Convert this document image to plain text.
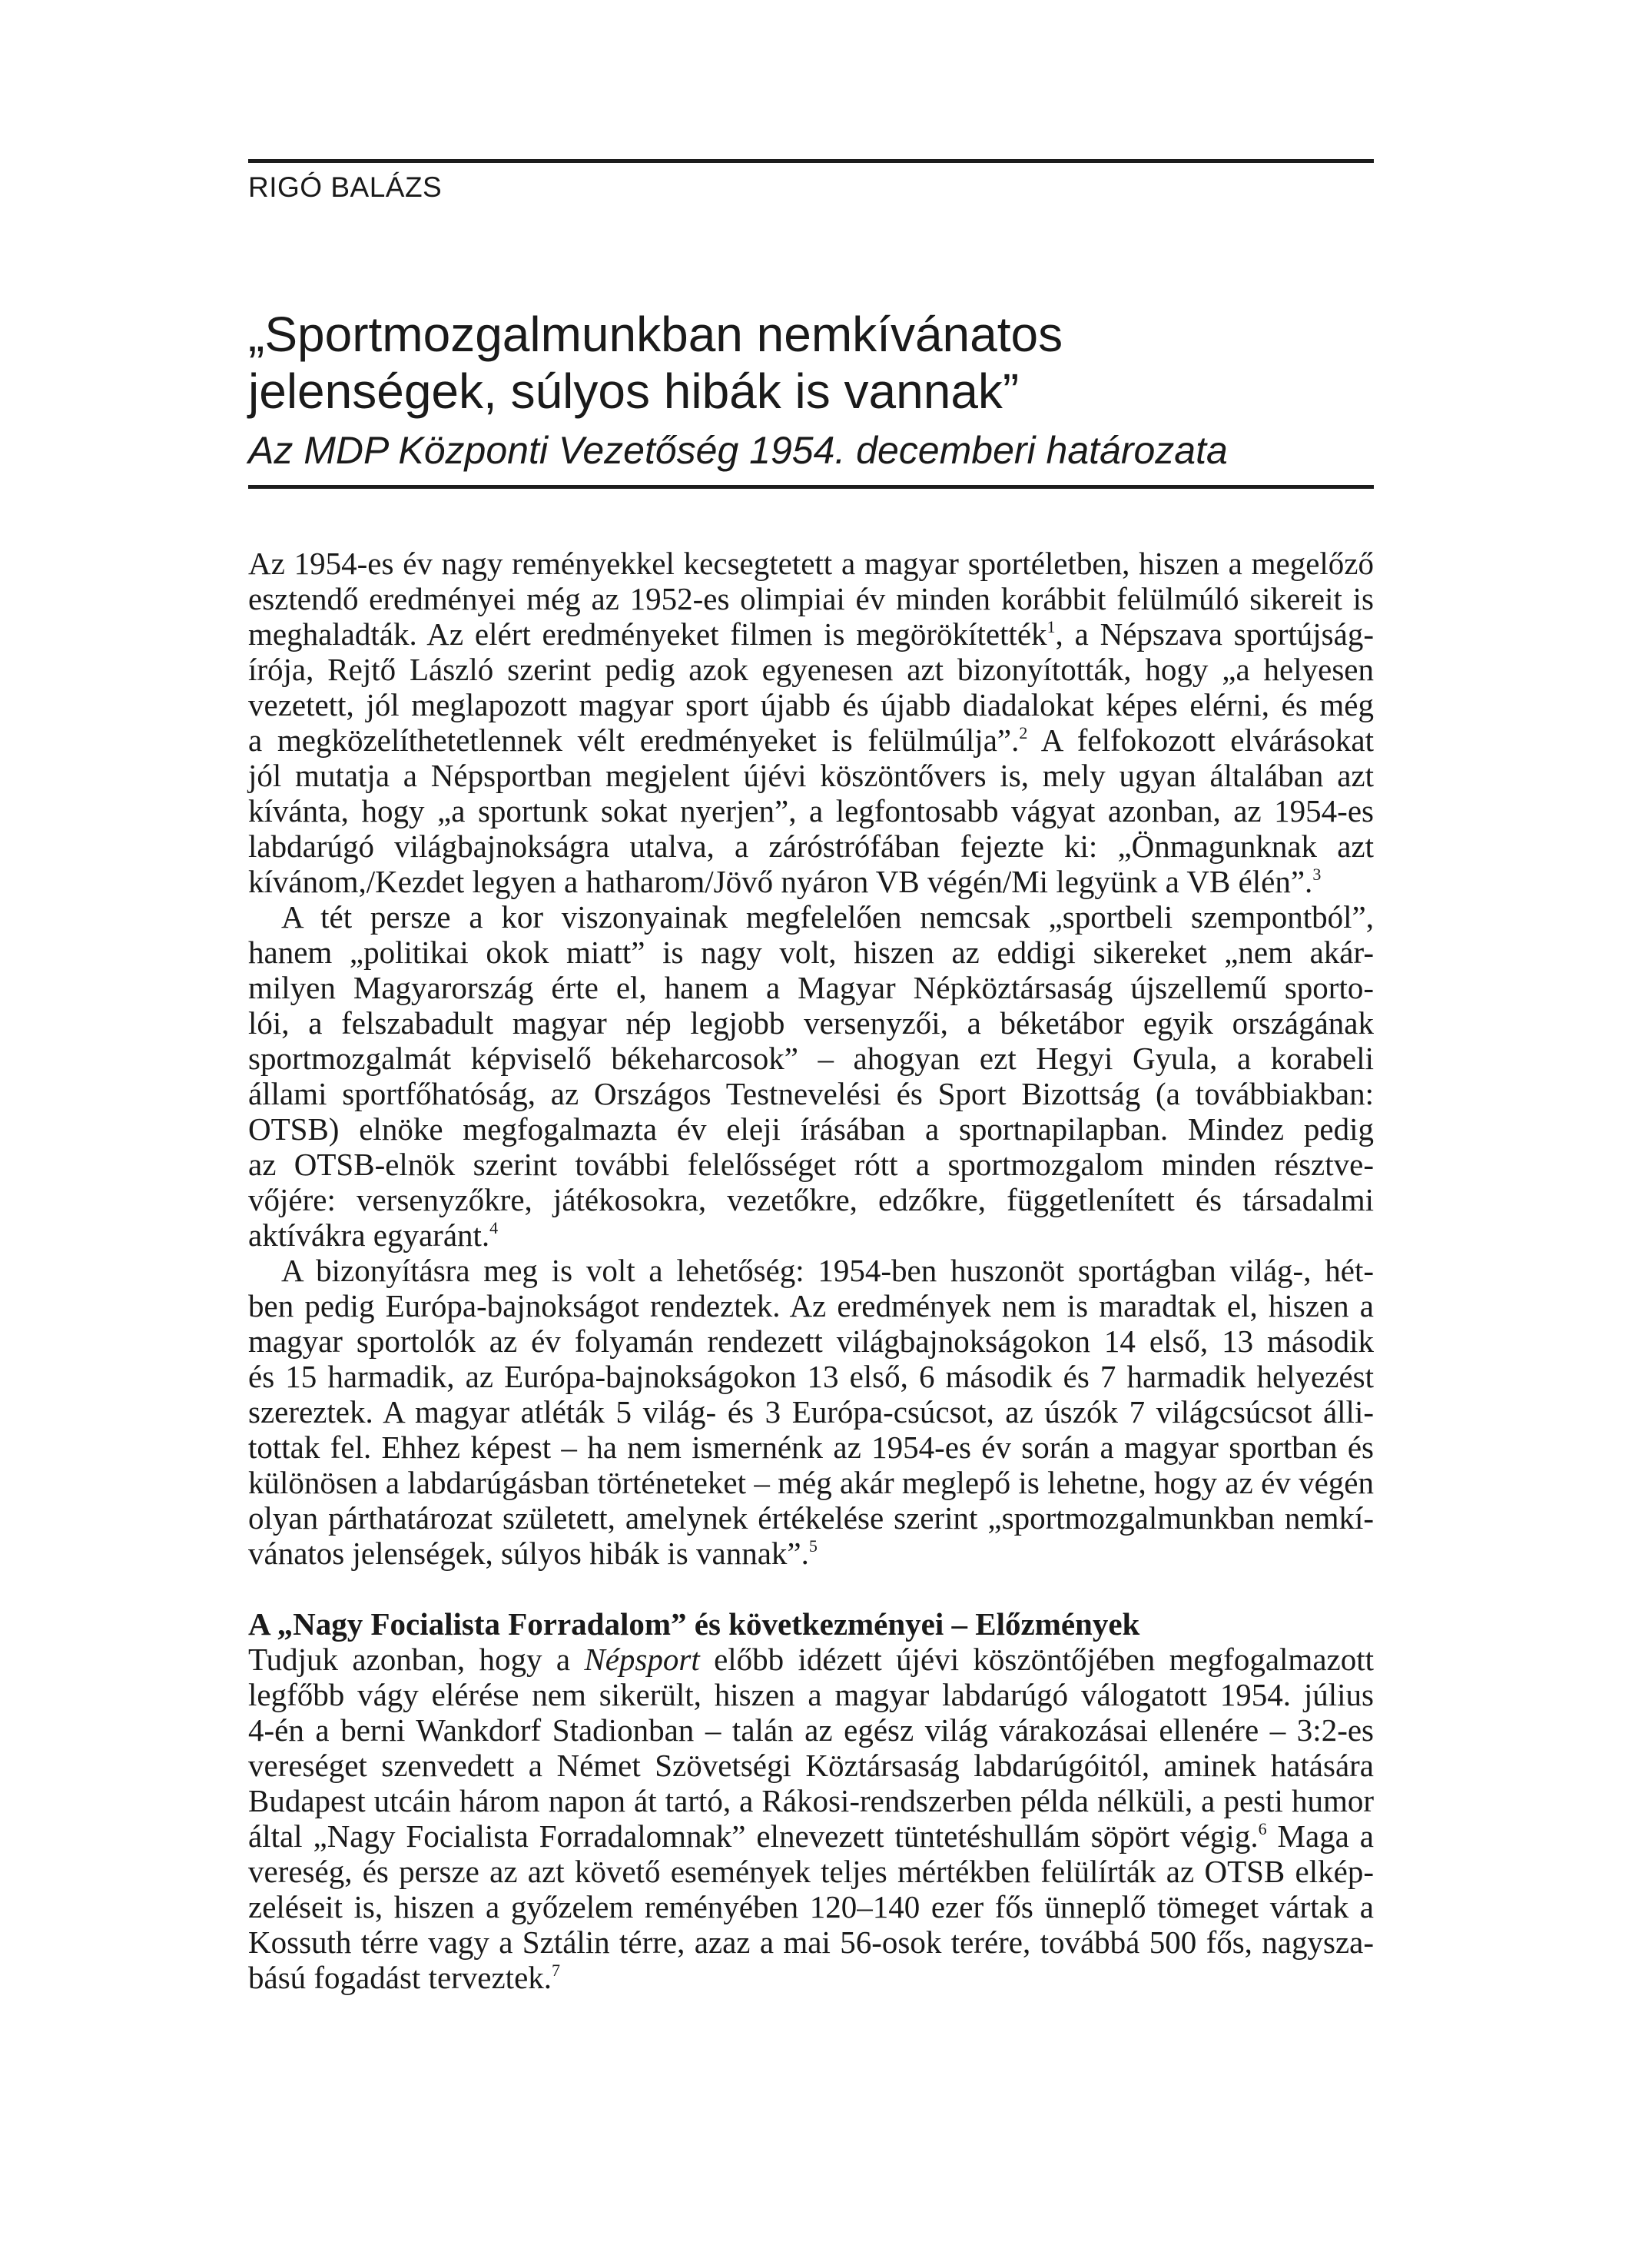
RIGÓ BALÁZS
„Sportmozgalmunkban nemkívánatos
jelenségek, súlyos hibák is vannak”
Az MDP Központi Vezetőség 1954. decemberi határozata
Az 1954-es év nagy reményekkel kecsegtetett a magyar sportéletben, hiszen a megelőző
esztendő eredményei még az 1952-es olimpiai év minden korábbit felülmúló sikereit is
meghaladták. Az elért eredményeket filmen is megörökítették$^1$, a Népszava sportújság-
írója, Rejtő László szerint pedig azok egyenesen azt bizonyították, hogy „a helyesen
vezetett, jól meglapozott magyar sport újabb és újabb diadalokat képes elérni, és még
a megközelíthetetlennek vélt eredményeket is felülmúlja”.$^2$ A felfokozott elvárásokat
jól mutatja a Népsportban megjelent újévi köszöntővers is, mely ugyan általában azt
kívánta, hogy „a sportunk sokat nyerjen”, a legfontosabb vágyat azonban, az 1954-es
labdarúgó világbajnokságra utalva, a záróstrófában fejezte ki: „Önmagunknak azt
kívánom,/Kezdet legyen a hatharom/Jövő nyáron VB végén/Mi legyünk a VB élén”.$^3$
A tét persze a kor viszonyainak megfelelően nemcsak „sportbeli szempontból”,
hanem „politikai okok miatt” is nagy volt, hiszen az eddigi sikereket „nem akár-
milyen Magyarország érte el, hanem a Magyar Népköztársaság újszellemű sporto-
lói, a felszabadult magyar nép legjobb versenyzői, a béketábor egyik országának
sportmozgalmát képviselő békeharcosok” – ahogyan ezt Hegyi Gyula, a korabeli
állami sportfőhatóság, az Országos Testnevelési és Sport Bizottság (a továbbiakban:
OTSB) elnöke megfogalmazta év eleji írásában a sportnapilapban. Mindez pedig
az OTSB-elnök szerint további felelősséget rótt a sportmozgalom minden résztve-
vőjére: versenyzőkre, játékosokra, vezetőkre, edzőkre, függetlenített és társadalmi
aktívákra egyaránt.$^4$
A bizonyításra meg is volt a lehetőség: 1954-ben huszonöt sportágban világ-, hét-
ben pedig Európa-bajnokságot rendeztek. Az eredmények nem is maradtak el, hiszen a
magyar sportolók az év folyamán rendezett világbajnokságokon 14 első, 13 második
és 15 harmadik, az Európa-bajnokságokon 13 első, 6 második és 7 harmadik helyezést
szereztek. A magyar atléták 5 világ- és 3 Európa-csúcsot, az úszók 7 világcsúcsot álli-
tottak fel. Ehhez képest – ha nem ismernénk az 1954-es év során a magyar sportban és
különösen a labdarúgásban történeteket – még akár meglepő is lehetne, hogy az év végén
olyan párthatározat született, amelynek értékelése szerint „sportmozgalmunkban nemkí-
vánatos jelenségek, súlyos hibák is vannak”.$^5$
A „Nagy Focialista Forradalom” és következményei – Előzmények
Tudjuk azonban, hogy a Népsport előbb idézett újévi köszöntőjében megfogalmazott
legfőbb vágy elérése nem sikerült, hiszen a magyar labdarúgó válogatott 1954. július
4-én a berni Wankdorf Stadionban – talán az egész világ várakozásai ellenére – 3:2-es
vereséget szenvedett a Német Szövetségi Köztársaság labdarúgóitól, aminek hatására
Budapest utcáin három napon át tartó, a Rákosi-rendszerben példa nélküli, a pesti humor
által „Nagy Focialista Forradalomnak” elnevezett tüntetéshullám söpört végig.$^6$ Maga a
vereség, és persze az azt követő események teljes mértékben felülírták az OTSB elkép-
zeléseit is, hiszen a győzelem reményében 120–140 ezer fős ünneplő tömeget vártak a
Kossuth térre vagy a Sztálin térre, azaz a mai 56-osok terére, továbbá 500 fős, nagysza-
bású fogadást terveztek.$^7$
